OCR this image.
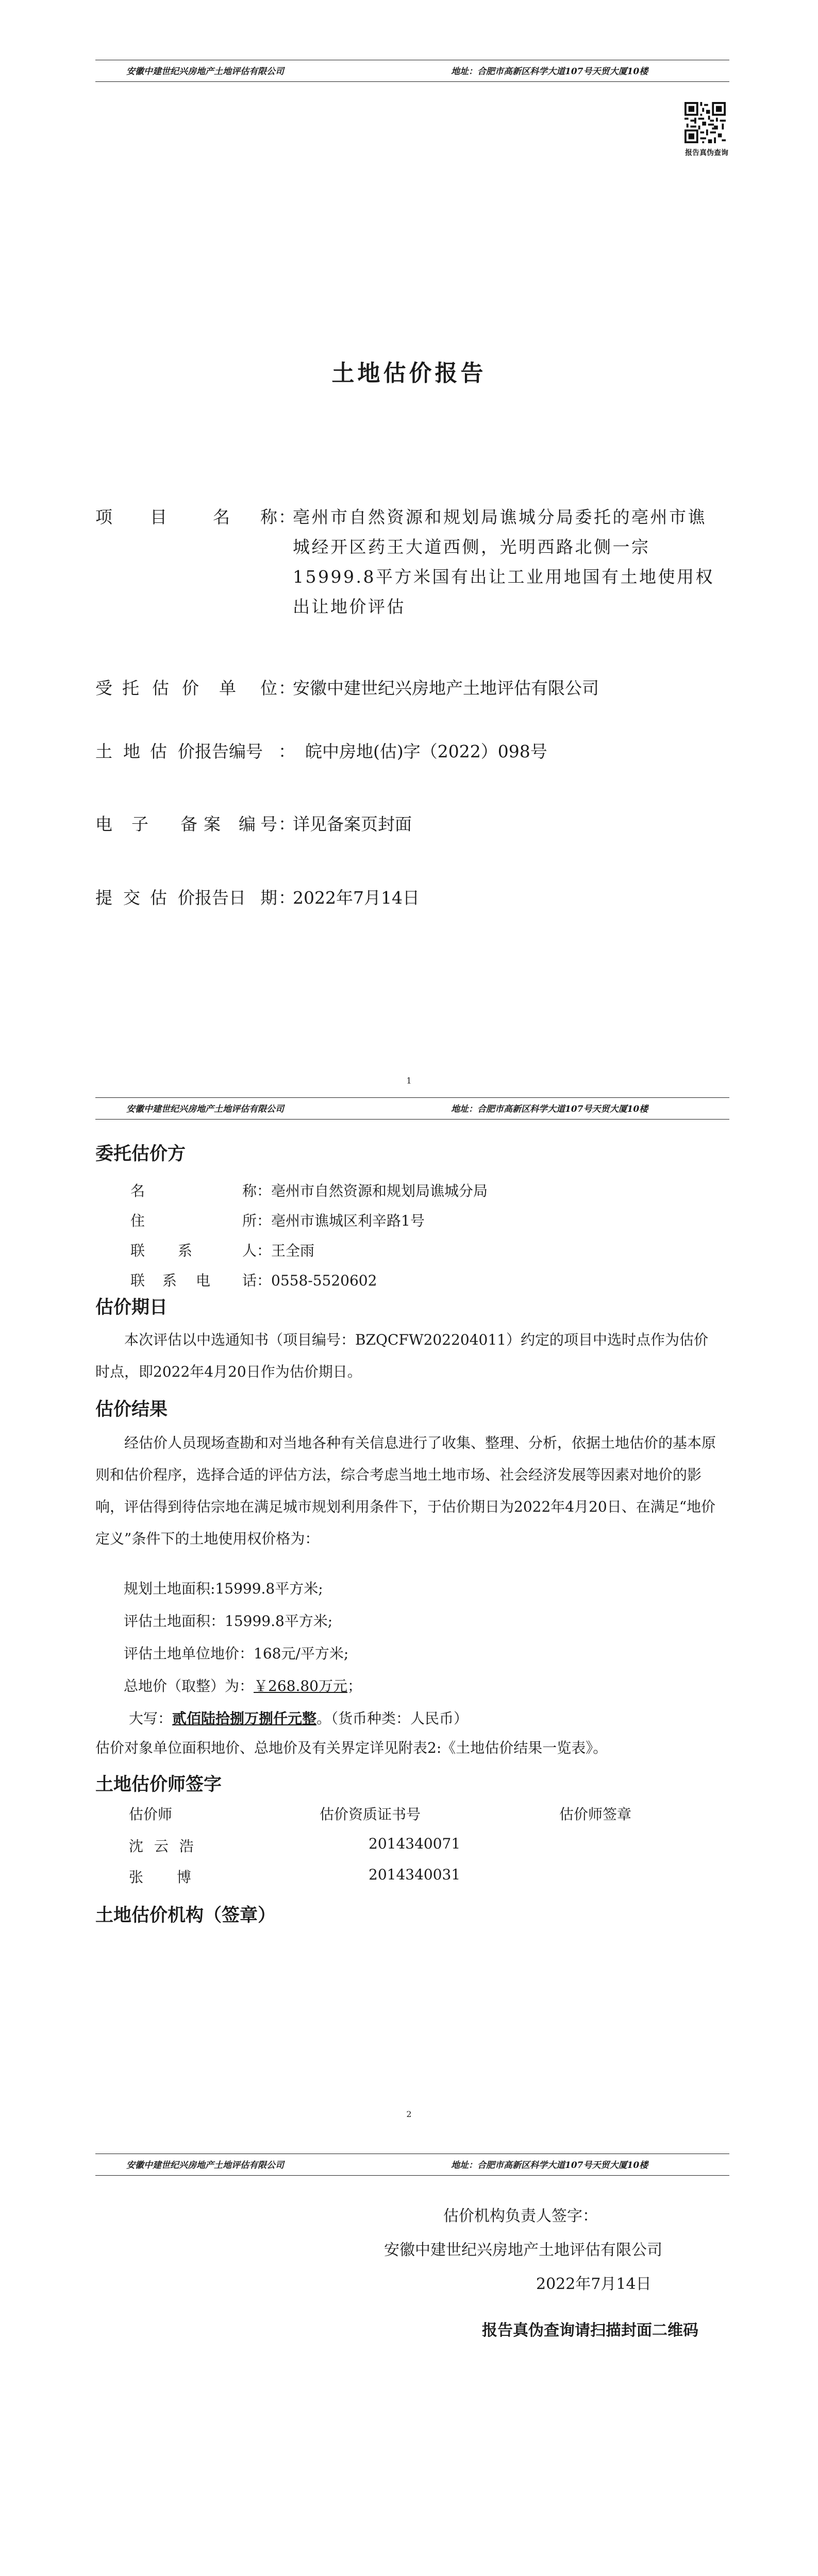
安徽中建世纪兴房地产土地评估有限公司	地址：合肥市高新区科学大道107号天贸大厦10楼
报告真伪查询
土地估价报告
项 目	名 称 ：
亳州市自然资源和规划局谯城分局委托的亳州市谯城经开区药王大道西侧，光明西路北侧一宗15999.8平方米国有出让工业用地国有土地使用权出让地价评估
受 托 估 价 单 位 ：
安徽中建世纪兴房地产土地评估有限公司
土 地 估 价报告编号 ： 皖中房地(估)字（2022）098号
电 子 备 案 编 号 ：
详见备案页封面
提 交 估 价报告日 期 ：
2022年7月14日
1
安徽中建世纪兴房地产土地评估有限公司	地址：合肥市高新区科学大道107号天贸大厦10楼
委托估价方
名	称 ：亳州市自然资源和规划局谯城分局
住	所 ：亳州市谯城区利辛路1号
联 系	人 ：王全雨
联 系 电 话 ：0558-5520602
估价期日
本次评估以中选通知书（项目编号：BZQCFW202204011）约定的项目中选时点作为估价时点，即2022年4月20日作为估价期日。
估价结果
经估价人员现场查勘和对当地各种有关信息进行了收集、整理、分析，依据土地估价的基本原则和估价程序，选择合适的评估方法，综合考虑当地土地市场、社会经济发展等因素对地价的影响，评估得到待估宗地在满足城市规划利用条件下，于估价期日为2022年4月20日、在满足“地价定义”条件下的土地使用权价格为：
规划土地面积:15999.8平方米;
评估土地面积：15999.8平方米;
评估土地单位地价：168元/平方米;
总地价（取整）为：￥268.80万元；
大写：贰佰陆拾捌万捌仟元整。（货币种类：人民币）
估价对象单位面积地价、总地价及有关界定详见附表2:《土地估价结果一览表》。
土地估价师签字
估价师	估价资质证书号	估价师签章
沈 云 浩	2014340071
张 博	2014340031
土地估价机构（签章）
2
安徽中建世纪兴房地产土地评估有限公司	地址：合肥市高新区科学大道107号天贸大厦10楼
估价机构负责人签字：
安徽中建世纪兴房地产土地评估有限公司
2022年7月14日
报告真伪查询请扫描封面二维码
